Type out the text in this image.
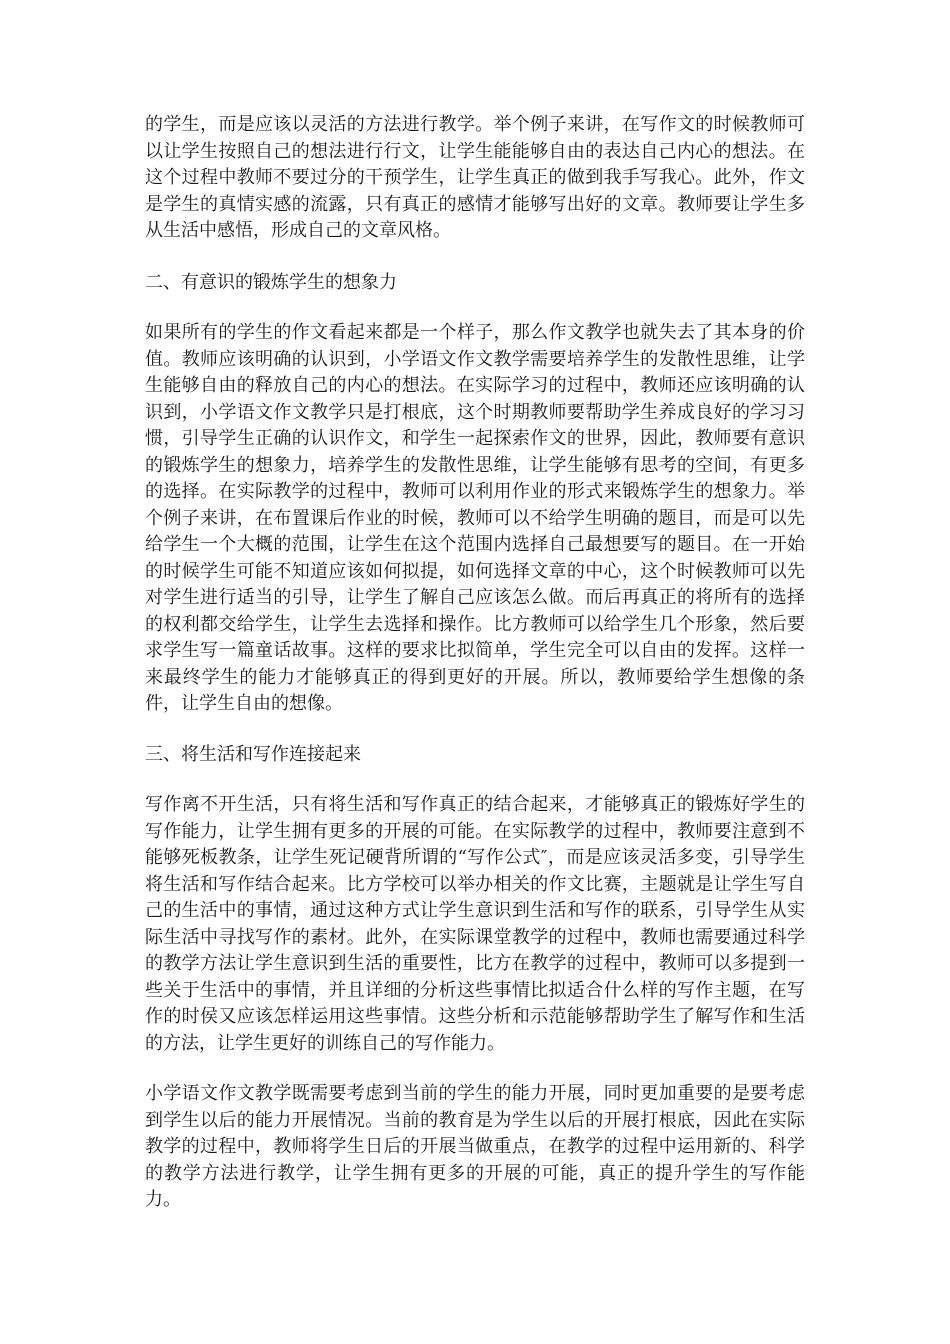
的学生，而是应该以灵活的方法进行教学。举个例子来讲，在写作文的时候教师可以让学生按照自己的想法进行行文，让学生能能够自由的表达自己内心的想法。在这个过程中教师不要过分的干预学生，让学生真正的做到我手写我心。此外，作文是学生的真情实感的流露，只有真正的感情才能够写出好的文章。教师要让学生多从生活中感悟，形成自己的文章风格。

二、有意识的锻炼学生的想象力

如果所有的学生的作文看起来都是一个样子，那么作文教学也就失去了其本身的价值。教师应该明确的认识到，小学语文作文教学需要培养学生的发散性思维，让学生能够自由的释放自己的内心的想法。在实际学习的过程中，教师还应该明确的认识到，小学语文作文教学只是打根底，这个时期教师要帮助学生养成良好的学习习惯，引导学生正确的认识作文，和学生一起探索作文的世界，因此，教师要有意识的锻炼学生的想象力，培养学生的发散性思维，让学生能够有思考的空间，有更多的选择。在实际教学的过程中，教师可以利用作业的形式来锻炼学生的想象力。举个例子来讲，在布置课后作业的时候，教师可以不给学生明确的题目，而是可以先给学生一个大概的范围，让学生在这个范围内选择自己最想要写的题目。在一开始的时候学生可能不知道应该如何拟提，如何选择文章的中心，这个时候教师可以先对学生进行适当的引导，让学生了解自己应该怎么做。而后再真正的将所有的选择的权利都交给学生，让学生去选择和操作。比方教师可以给学生几个形象，然后要求学生写一篇童话故事。这样的要求比拟简单，学生完全可以自由的发挥。这样一来最终学生的能力才能够真正的得到更好的开展。所以，教师要给学生想像的条件，让学生自由的想像。

三、将生活和写作连接起来

写作离不开生活，只有将生活和写作真正的结合起来，才能够真正的锻炼好学生的写作能力，让学生拥有更多的开展的可能。在实际教学的过程中，教师要注意到不能够死板教条，让学生死记硬背所谓的“写作公式″，而是应该灵活多变，引导学生将生活和写作结合起来。比方学校可以举办相关的作文比赛，主题就是让学生写自己的生活中的事情，通过这种方式让学生意识到生活和写作的联系，引导学生从实际生活中寻找写作的素材。此外，在实际课堂教学的过程中，教师也需要通过科学的教学方法让学生意识到生活的重要性，比方在教学的过程中，教师可以多提到一些关于生活中的事情，并且详细的分析这些事情比拟适合什么样的写作主题，在写作的时侯又应该怎样运用这些事情。这些分析和示范能够帮助学生了解写作和生活的方法，让学生更好的训练自己的写作能力。

小学语文作文教学既需要考虑到当前的学生的能力开展，同时更加重要的是要考虑到学生以后的能力开展情况。当前的教育是为学生以后的开展打根底，因此在实际教学的过程中，教师将学生日后的开展当做重点，在教学的过程中运用新的、科学的教学方法进行教学，让学生拥有更多的开展的可能，真正的提升学生的写作能力。
